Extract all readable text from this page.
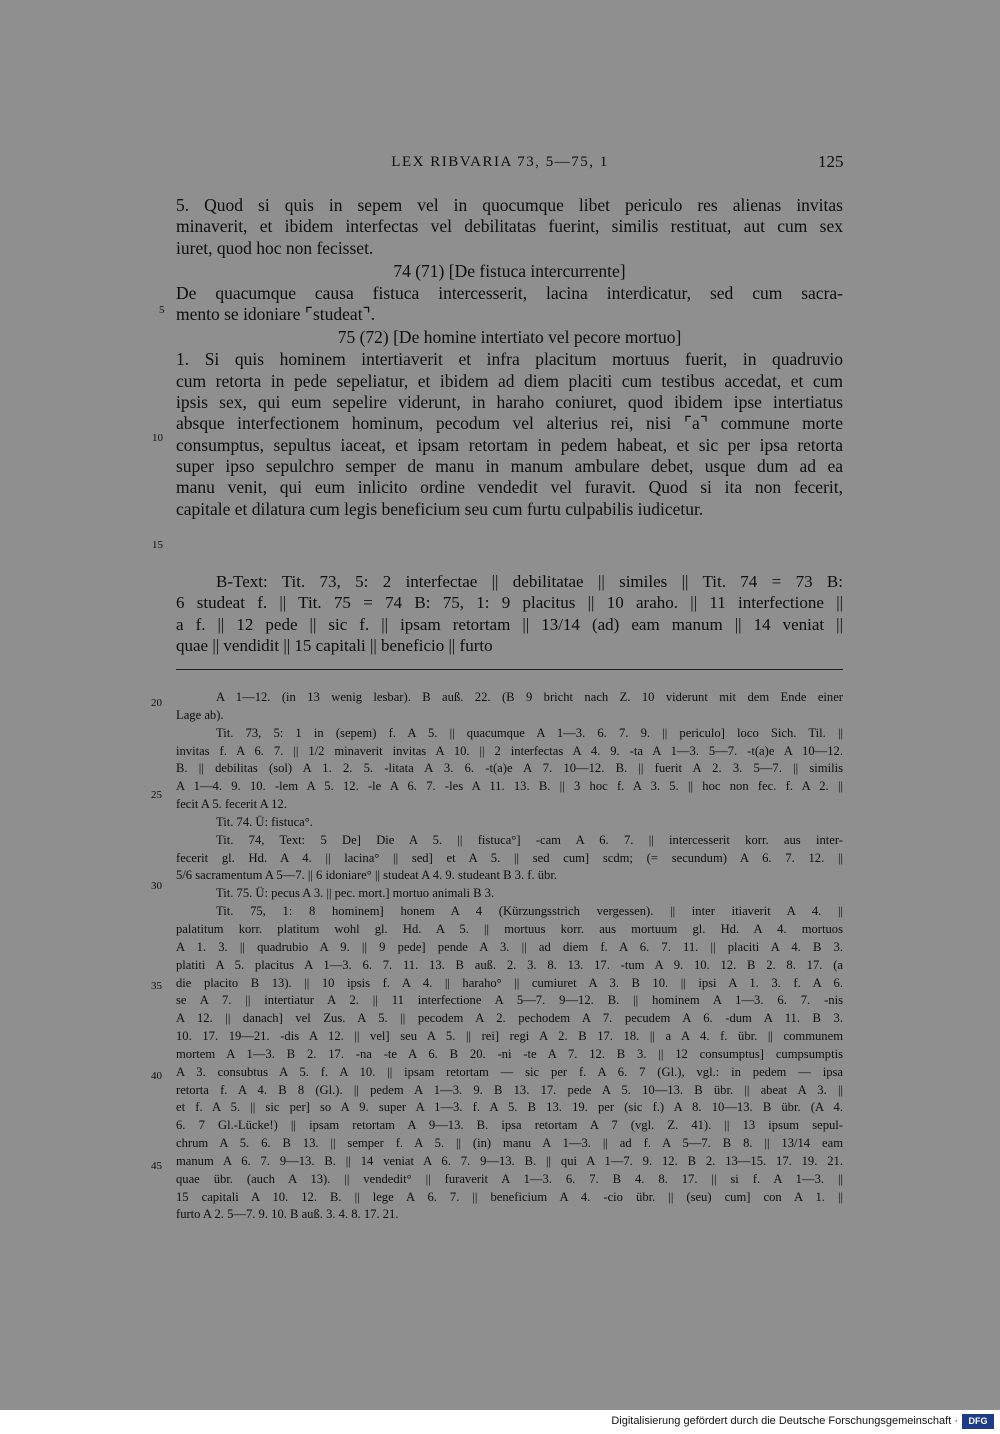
LEX RIBVARIA 73, 5—75, 1	125
5. Quod si quis in sepem vel in quocumque libet periculo res alienas invitas
minaverit, et ibidem interfectas vel debilitatas fuerint, similis restituat, aut cum sex
iuret, quod hoc non fecisset.
74 (71) [De fistuca intercurrente]
De quacumque causa fistuca intercesserit, lacina interdicatur, sed cum sacra-
mento se idoniare ⌜studeat⌝.
75 (72) [De homine intertiato vel pecore mortuo]
1. Si quis hominem intertiaverit et infra placitum mortuus fuerit, in quadruvio
cum retorta in pede sepeliatur, et ibidem ad diem placiti cum testibus accedat, et cum
ipsis sex, qui eum sepelire viderunt, in haraho coniuret, quod ibidem ipse intertiatus
absque interfectionem hominum, pecodum vel alterius rei, nisi ⌜a⌝ commune morte
consumptus, sepultus iaceat, et ipsam retortam in pedem habeat, et sic per ipsa retorta
super ipso sepulchro semper de manu in manum ambulare debet, usque dum ad ea
manu venit, qui eum inlicito ordine vendedit vel furavit. Quod si ita non fecerit,
capitale et dilatura cum legis beneficium seu cum furtu culpabilis iudicetur.
5
10
15
B-Text: Tit. 73, 5: 2 interfectae || debilitatae || similes || Tit. 74 = 73 B:
6 studeat f. || Tit. 75 = 74 B: 75, 1: 9 placitus || 10 araho. || 11 interfectione ||
a f. || 12 pede || sic f. || ipsam retortam || 13/14 (ad) eam manum || 14 veniat ||
quae || vendidit || 15 capitali || beneficio || furto
A 1—12. (in 13 wenig lesbar). B auß. 22. (B 9 bricht nach Z. 10 viderunt mit dem Ende einer
Lage ab).
Tit. 73, 5: 1 in (sepem) f. A 5. || quacumque A 1—3. 6. 7. 9. || periculo] loco Sich. Til. ||
invitas f. A 6. 7. || 1/2 minaverit invitas A 10. || 2 interfectas A 4. 9. -ta A 1—3. 5—7. -t(a)e A 10—12.
B. || debilitas (sol) A 1. 2. 5. -litata A 3. 6. -t(a)e A 7. 10—12. B. || fuerit A 2. 3. 5—7. || similis
A 1—4. 9. 10. -lem A 5. 12. -le A 6. 7. -les A 11. 13. B. || 3 hoc f. A 3. 5. || hoc non fec. f. A 2. ||
fecit A 5. fecerit A 12.
Tit. 74. Ü: fistuca°.
Tit. 74, Text: 5 De] Die A 5. || fistuca°] -cam A 6. 7. || intercesserit korr. aus inter-
fecerit gl. Hd. A 4. || lacina° || sed] et A 5. || sed cum] scdm; (= secundum) A 6. 7. 12. ||
5/6 sacramentum A 5—7. || 6 idoniare° || studeat A 4. 9. studeant B 3. f. übr.
Tit. 75. Ü: pecus A 3. || pec. mort.] mortuo animali B 3.
Tit. 75, 1: 8 hominem] honem A 4 (Kürzungsstrich vergessen). || inter itiaverit A 4. ||
palatitum korr. platitum wohl gl. Hd. A 5. || mortuus korr. aus mortuum gl. Hd. A 4. mortuos
A 1. 3. || quadrubio A 9. || 9 pede] pende A 3. || ad diem f. A 6. 7. 11. || placiti A 4. B 3.
platiti A 5. placitus A 1—3. 6. 7. 11. 13. B auß. 2. 3. 8. 13. 17. -tum A 9. 10. 12. B 2. 8. 17. (a
die placito B 13). || 10 ipsis f. A 4. || haraho° || cumiuret A 3. B 10. || ipsi A 1. 3. f. A 6.
se A 7. || intertiatur A 2. || 11 interfectione A 5—7. 9—12. B. || hominem A 1—3. 6. 7. -nis
A 12. || danach] vel Zus. A 5. || pecodem A 2. pechodem A 7. pecudem A 6. -dum A 11. B 3.
10. 17. 19—21. -dis A 12. || vel] seu A 5. || rei] regi A 2. B 17. 18. || a A 4. f. übr. || communem
mortem A 1—3. B 2. 17. -na -te A 6. B 20. -ni -te A 7. 12. B 3. || 12 consumptus] cumpsumptis
A 3. consubtus A 5. f. A 10. || ipsam retortam — sic per f. A 6. 7 (Gl.), vgl.: in pedem — ipsa
retorta f. A 4. B 8 (Gl.). || pedem A 1—3. 9. B 13. 17. pede A 5. 10—13. B übr. || abeat A 3. ||
et f. A 5. || sic per] so A 9. super A 1—3. f. A 5. B 13. 19. per (sic f.) A 8. 10—13. B übr. (A 4.
6. 7 Gl.-Lücke!) || ipsam retortam A 9—13. B. ipsa retortam A 7 (vgl. Z. 41). || 13 ipsum sepul-
chrum A 5. 6. B 13. || semper f. A 5. || (in) manu A 1—3. || ad f. A 5—7. B 8. || 13/14 eam
manum A 6. 7. 9—13. B. || 14 veniat A 6. 7. 9—13. B. || qui A 1—7. 9. 12. B 2. 13—15. 17. 19. 21.
quae übr. (auch A 13). || vendedit° || furaverit A 1—3. 6. 7. B 4. 8. 17. || si f. A 1—3. ||
15 capitali A 10. 12. B. || lege A 6. 7. || beneficium A 4. -cio übr. || (seu) cum] con A 1. ||
furto A 2. 5—7. 9. 10. B auß. 3. 4. 8. 17. 21.
20
25
30
35
40
45
Digitalisierung gefördert durch die Deutsche Forschungsgemeinschaft ·	DFG
